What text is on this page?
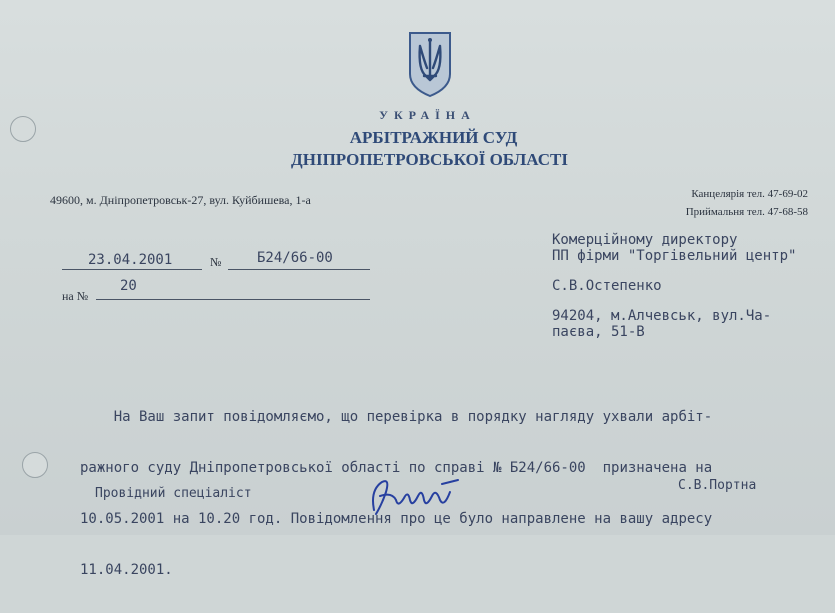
УКРАЇНА
АРБІТРАЖНИЙ СУД
ДНІПРОПЕТРОВСЬКОЇ ОБЛАСТІ
49600, м. Дніпропетровськ-27, вул. Куйбишева, 1-а	Канцелярія тел. 47-69-02
Приймальня тел. 47-68-58
23.04.2001	№	Б24/66-00
на №
20
Комерційному директору
ПП фірми "Торгівельний центр"
С.В.Остепенко
94204, м.Алчевськ, вул.Ча-
паєва, 51-В

На Ваш запит повідомляємо, що перевірка в порядку нагляду ухвали арбіт-

ражного суду Дніпропетровської області по справі № Б24/66-00  призначена на

10.05.2001 на 10.20 год. Повідомлення про це було направлене на вашу адресу

11.04.2001.

Провідний спеціаліст
С.В.Портна
